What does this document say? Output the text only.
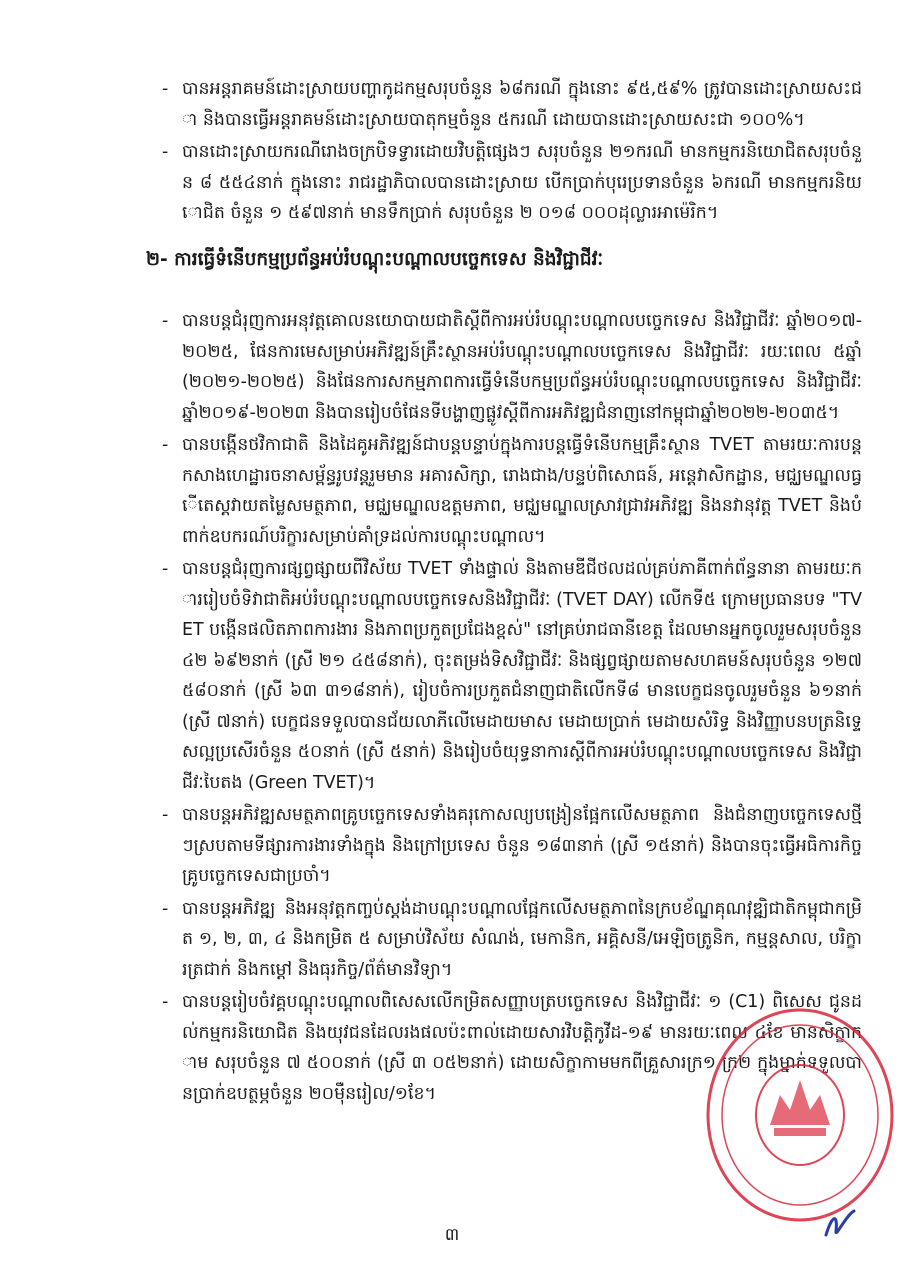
- បានអន្តរាគមន៍ដោះស្រាយបញ្ហាកូដកម្មសរុបចំនួន ៦៨ករណី ក្នុងនោះ ៩៥,៥៩% ត្រូវបានដោះស្រាយសះជា និងបានធ្វើអន្តរាគមន៍ដោះស្រាយបាតុកម្មចំនួន ៥ករណី ដោយបានដោះស្រាយសះជា ១០០%។
- បានដោះស្រាយករណីរោងចក្របិទទ្វារដោយវិបត្តិផ្សេងៗ សរុបចំនួន ២១ករណី មានកម្មករនិយោជិតសរុបចំនួន ៨ ៥៥៤នាក់ ក្នុងនោះ រាជរដ្ឋាភិបាលបានដោះស្រាយ បើកប្រាក់បុរេប្រទានចំនួន ៦ករណី មានកម្មករនិយោជិត ចំនួន ១ ៥៩៧នាក់ មានទឹកប្រាក់ សរុបចំនួន ២ ០១៨ ០០០ដុល្លារអាម៉េរិក។
២- ការធ្វើទំនើបកម្មប្រព័ន្ធអប់រំបណ្តុះបណ្តាលបច្ចេកទេស និងវិជ្ជាជីវៈ
- បានបន្តជំរុញការអនុវត្តគោលនយោបាយជាតិស្តីពីការអប់រំបណ្តុះបណ្តាលបច្ចេកទេស និងវិជ្ជាជីវៈ ឆ្នាំ២០១៧-២០២៥, ផែនការមេសម្រាប់អភិវឌ្ឍន៍គ្រឹះស្ថានអប់រំបណ្តុះបណ្តាលបច្ចេកទេស និងវិជ្ជាជីវៈ រយៈពេល ៥ឆ្នាំ (២០២១-២០២៥) និងផែនការសកម្មភាពការធ្វើទំនើបកម្មប្រព័ន្ធអប់រំបណ្តុះបណ្តាលបច្ចេកទេស និងវិជ្ជាជីវៈ ឆ្នាំ២០១៩-២០២៣ និងបានរៀបចំផែនទីបង្ហាញផ្លូវស្តីពីការអភិវឌ្ឍជំនាញនៅកម្ពុជាឆ្នាំ២០២២-២០៣៥។
- បានបង្កើនថវិកាជាតិ និងដៃគូអភិវឌ្ឍន៍ជាបន្តបន្ទាប់ក្នុងការបន្តធ្វើទំនើបកម្មគ្រឹះស្ថាន TVET តាមរយៈការបន្តកសាងហេដ្ឋារចនាសម្ព័ន្ធរូបវន្តរួមមាន អគារសិក្សា, រោងជាង/បន្ទប់ពិសោធន៍, អន្តេវាសិកដ្ឋាន, មជ្ឈមណ្ឌលធ្វើតេស្តវាយតម្លៃសមត្ថភាព, មជ្ឈមណ្ឌលឧត្តមភាព, មជ្ឈមណ្ឌលស្រាវជ្រាវអភិវឌ្ឍ និងនវានុវត្ត TVET និងបំពាក់ឧបករណ៍បរិក្ខារសម្រាប់គាំទ្រដល់ការបណ្តុះបណ្តាល។
- បានបន្តជំរុញការផ្សព្វផ្សាយពីវិស័យ TVET ទាំងផ្ទាល់ និងតាមឌីជីថលដល់គ្រប់ភាគីពាក់ព័ន្ធនានា តាមរយៈការរៀបចំទិវាជាតិអប់រំបណ្តុះបណ្តាលបច្ចេកទេសនិងវិជ្ជាជីវៈ (TVET DAY) លើកទី៥ ក្រោមប្រធានបទ "TVET បង្កើនផលិតភាពការងារ និងភាពប្រកួតប្រជែងខ្ពស់" នៅគ្រប់រាជធានីខេត្ត ដែលមានអ្នកចូលរួមសរុបចំនួន ៤២ ៦៩២នាក់ (ស្រី ២១ ៤៥៨នាក់), ចុះតម្រង់ទិសវិជ្ជាជីវៈ និងផ្សព្វផ្សាយតាមសហគមន៍សរុបចំនួន ១២៧ ៥៨០នាក់ (ស្រី ៦៣ ៣១៨នាក់), រៀបចំការប្រកួតជំនាញជាតិលើកទី៨ មានបេក្ខជនចូលរួមចំនួន ៦១នាក់ (ស្រី ៧នាក់) បេក្ខជនទទួលបានជ័យលាភីលើមេដាយមាស មេដាយប្រាក់ មេដាយសំរិទ្ធ និងវិញ្ញាបនបត្រនិទ្ទេសល្អប្រសើរចំនួន ៥០នាក់ (ស្រី ៥នាក់) និងរៀបចំយុទ្ធនាការស្តីពីការអប់រំបណ្តុះបណ្តាលបច្ចេកទេស និងវិជ្ជាជីវៈបៃតង (Green TVET)។
- បានបន្តអភិវឌ្ឍសមត្ថភាពគ្រូបច្ចេកទេសទាំងគរុកោសល្យបង្រៀនផ្អែកលើសមត្ថភាព និងជំនាញបច្ចេកទេសថ្មីៗស្របតាមទីផ្សារការងារទាំងក្នុង និងក្រៅប្រទេស ចំនួន ១៨៣នាក់ (ស្រី ១៥នាក់) និងបានចុះធ្វើអធិការកិច្ចគ្រូបច្ចេកទេសជាប្រចាំ។
- បានបន្តអភិវឌ្ឍ និងអនុវត្តកញ្ចប់ស្តង់ដាបណ្តុះបណ្តាលផ្អែកលើសមត្ថភាពនៃក្របខ័ណ្ឌគុណវុឌ្ឍិជាតិកម្ពុជាកម្រិត ១, ២, ៣, ៤ និងកម្រិត ៥ សម្រាប់វិស័យ សំណង់, មេកានិក, អគ្គិសនី/អេឡិចត្រូនិក, កម្មន្តសាល, បរិក្ខារត្រជាក់ និងកម្តៅ និងធុរកិច្ច/ព័ត៌មានវិទ្យា។
- បានបន្តរៀបចំវគ្គបណ្តុះបណ្តាលពិសេសលើកម្រិតសញ្ញាបត្របច្ចេកទេស និងវិជ្ជាជីវៈ ១ (C1) ពិសេស ជូនដល់កម្មករនិយោជិត និងយុវជនដែលរងផលប៉ះពាល់ដោយសារវិបត្តិកូវីដ-១៩ មានរយៈពេល ៤ខែ មានសិក្ខាកាម សរុបចំនួន ៧ ៥០០នាក់ (ស្រី ៣ ០៥២នាក់) ដោយសិក្ខាកាមមកពីគ្រួសារក្រ១ ក្រ២ ក្នុងម្នាក់ទទួលបានប្រាក់ឧបត្ថម្ភចំនួន ២០ម៉ឺនរៀល/១ខែ។
៣
